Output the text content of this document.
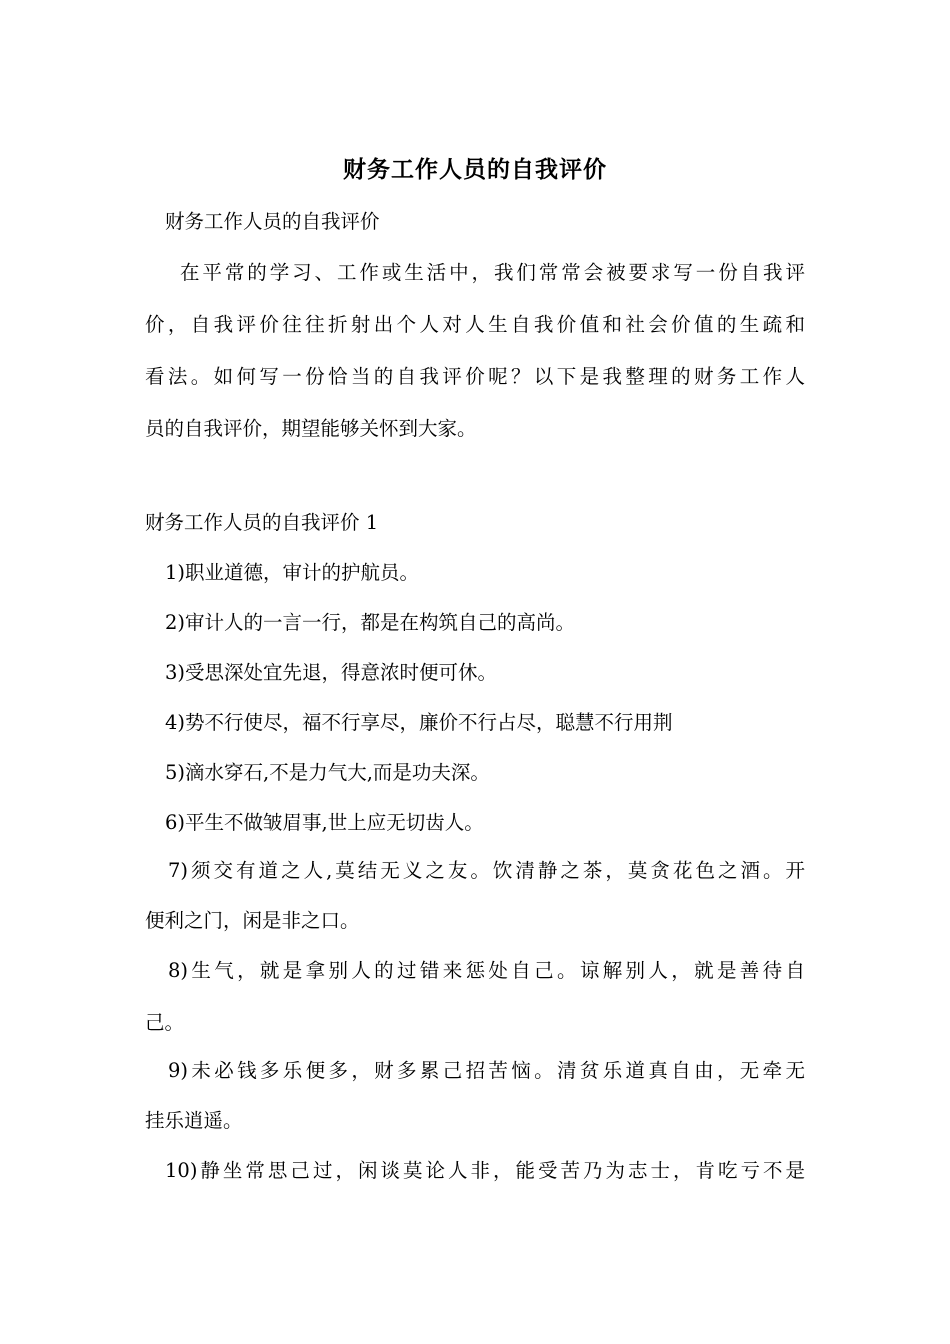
财务工作人员的自我评价
财务工作人员的自我评价
在平常的学习、工作或生活中，我们常常会被要求写一份自我评
价，自我评价往往折射出个人对人生自我价值和社会价值的生疏和
看法。如何写一份恰当的自我评价呢？以下是我整理的财务工作人
员的自我评价，期望能够关怀到大家。
财务工作人员的自我评价 1
1)职业道德，审计的护航员。
2)审计人的一言一行，都是在构筑自己的高尚。
3)受思深处宜先退，得意浓时便可休。
4)势不行使尽，福不行享尽，廉价不行占尽，聪慧不行用荆
5)滴水穿石,不是力气大,而是功夫深。
6)平生不做皱眉事,世上应无切齿人。
7)须交有道之人,莫结无义之友。饮清静之茶，莫贪花色之酒。开
便利之门，闲是非之口。
8)生气，就是拿别人的过错来惩处自己。谅解别人，就是善待自
己。
9)未必钱多乐便多，财多累己招苦恼。清贫乐道真自由，无牵无
挂乐逍遥。
10)静坐常思己过，闲谈莫论人非，能受苦乃为志士，肯吃亏不是
